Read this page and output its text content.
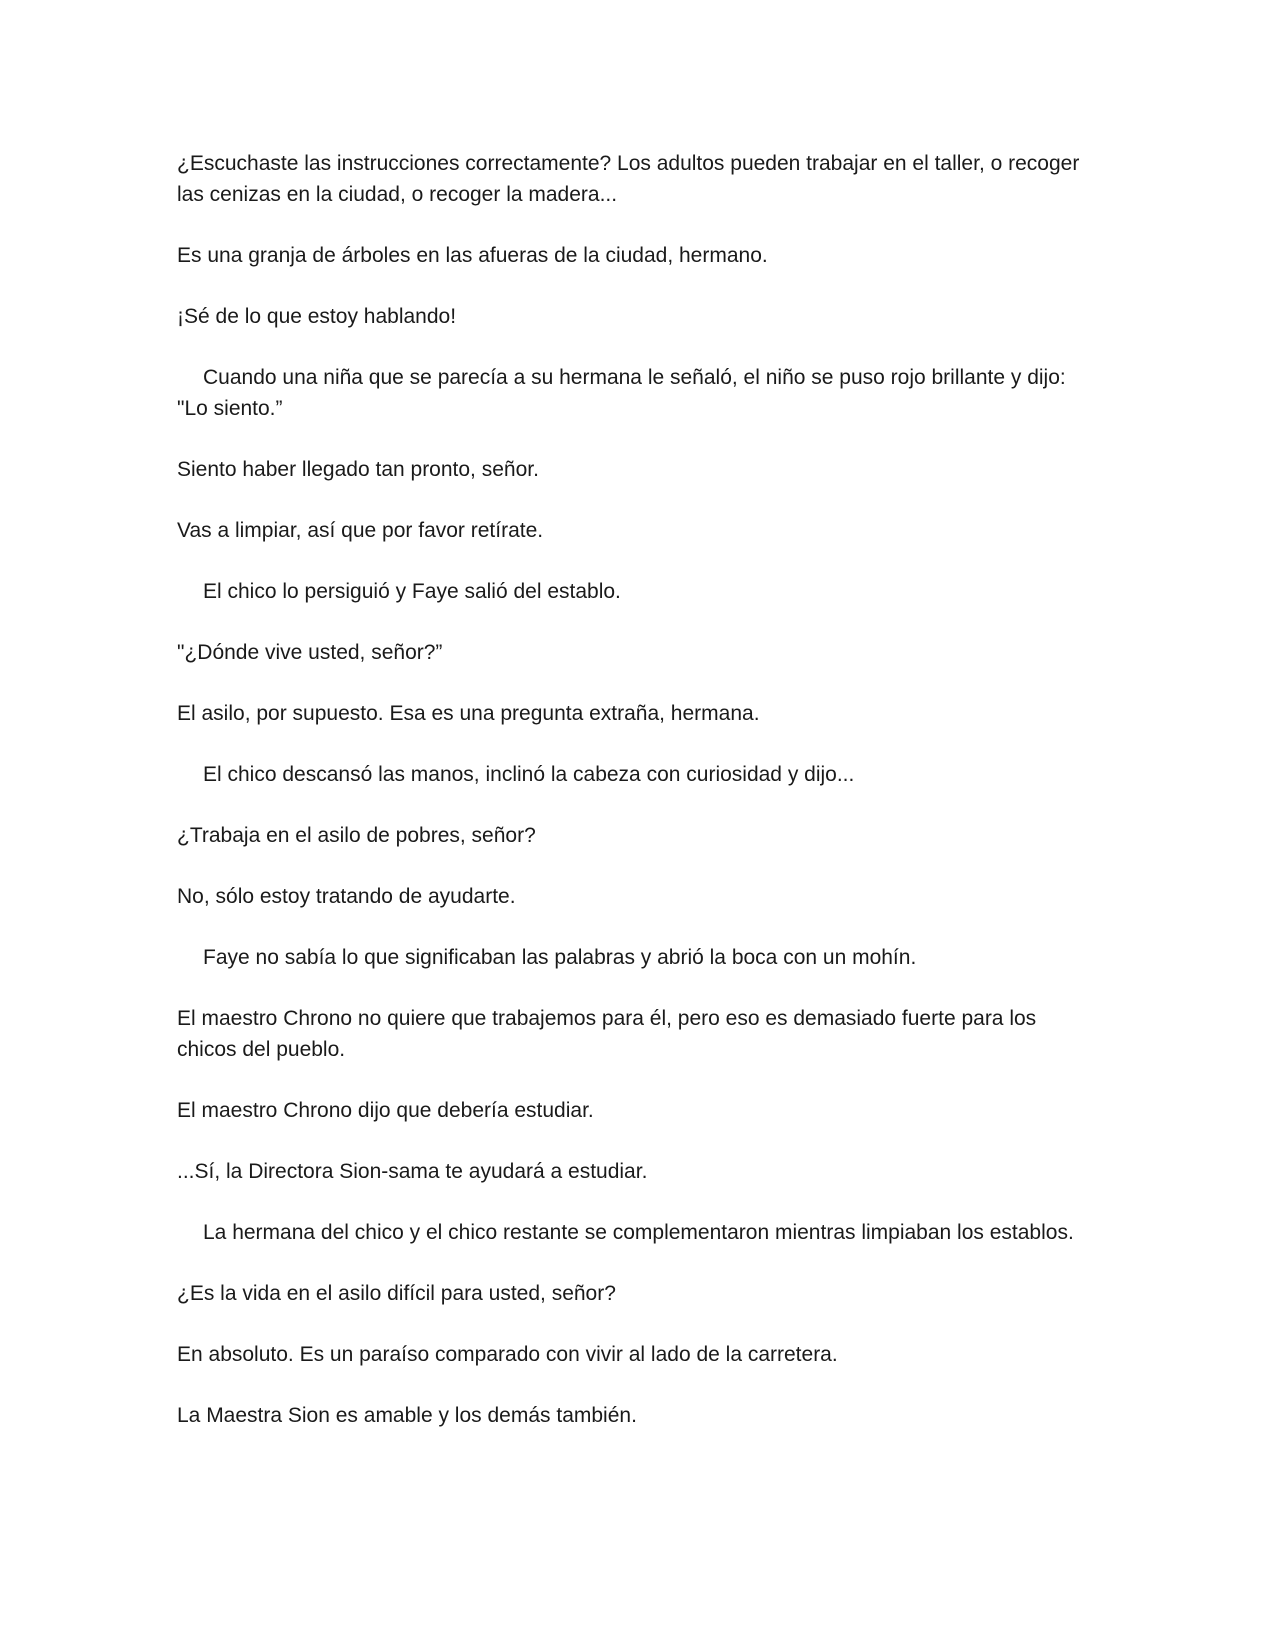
¿Escuchaste las instrucciones correctamente? Los adultos pueden trabajar en el taller, o recoger las cenizas en la ciudad, o recoger la madera...

Es una granja de árboles en las afueras de la ciudad, hermano.

¡Sé de lo que estoy hablando!

Cuando una niña que se parecía a su hermana le señaló, el niño se puso rojo brillante y dijo: "Lo siento.”

Siento haber llegado tan pronto, señor.

Vas a limpiar, así que por favor retírate.

El chico lo persiguió y Faye salió del establo.

"¿Dónde vive usted, señor?”

El asilo, por supuesto. Esa es una pregunta extraña, hermana.

El chico descansó las manos, inclinó la cabeza con curiosidad y dijo...

¿Trabaja en el asilo de pobres, señor?

No, sólo estoy tratando de ayudarte.

Faye no sabía lo que significaban las palabras y abrió la boca con un mohín.

El maestro Chrono no quiere que trabajemos para él, pero eso es demasiado fuerte para los chicos del pueblo.

El maestro Chrono dijo que debería estudiar.

...Sí, la Directora Sion-sama te ayudará a estudiar.

La hermana del chico y el chico restante se complementaron mientras limpiaban los establos.

¿Es la vida en el asilo difícil para usted, señor?

En absoluto. Es un paraíso comparado con vivir al lado de la carretera.

La Maestra Sion es amable y los demás también.
